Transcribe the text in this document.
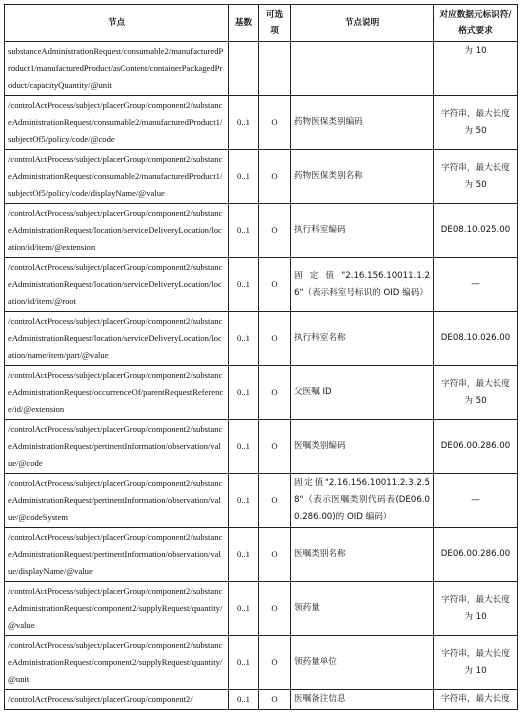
节点	基数	可选项	节点说明	对应数据元标识符/格式要求
substanceAdministrationRequest/consumable2/manufacturedProduct1/manufacturedProduct/asContent/containerPackagedProduct/capacityQuantity/@unit				为 10
/controlActProcess/subject/placerGroup/component2/substanceAdministrationRequest/consumable2/manufacturedProduct1/subjectOf5/policy/code/@code	0..1	O	药物医保类别编码	字符串，最大长度为 50
/controlActProcess/subject/placerGroup/component2/substanceAdministrationRequest/consumable2/manufacturedProduct1/subjectOf5/policy/code/displayName/@value	0..1	O	药物医保类别名称	字符串，最大长度为 50
/controlActProcess/subject/placerGroup/component2/substanceAdministrationRequest/location/serviceDeliveryLocation/location/id/item/@extension	0..1	O	执行科室编码	DE08.10.025.00
/controlActProcess/subject/placerGroup/component2/substanceAdministrationRequest/location/serviceDeliveryLocation/location/id/item/@root	0..1	O	固定值"2.16.156.10011.1.26"（表示科室号标识的 OID 编码）	—
/controlActProcess/subject/placerGroup/component2/substanceAdministrationRequest/location/serviceDeliveryLocation/location/name/item/part/@value	0..1	O	执行科室名称	DE08.10.026.00
/controlActProcess/subject/placerGroup/component2/substanceAdministrationRequest/occurrenceOf/parentRequestReference/id/@extension	0..1	O	父医嘱 ID	字符串，最大长度为 50
/controlActProcess/subject/placerGroup/component2/substanceAdministrationRequest/pertinentInformation/observation/value/@code	0..1	O	医嘱类别编码	DE06.00.286.00
/controlActProcess/subject/placerGroup/component2/substanceAdministrationRequest/pertinentInformation/observation/value/@codeSystem	0..1	O	固定值"2.16.156.10011.2.3.2.58"（表示医嘱类别代码表(DE06.00.286.00)的 OID 编码）	—
/controlActProcess/subject/placerGroup/component2/substanceAdministrationRequest/pertinentInformation/observation/value/displayName/@value	0..1	O	医嘱类别名称	DE06.00.286.00
/controlActProcess/subject/placerGroup/component2/substanceAdministrationRequest/component2/supplyRequest/quantity/@value	0..1	O	领药量	字符串，最大长度为 10
/controlActProcess/subject/placerGroup/component2/substanceAdministrationRequest/component2/supplyRequest/quantity/@unit	0..1	O	领药量单位	字符串，最大长度为 10
/controlActProcess/subject/placerGroup/component2/	0..1	O	医嘱备注信息	字符串，最大长度
